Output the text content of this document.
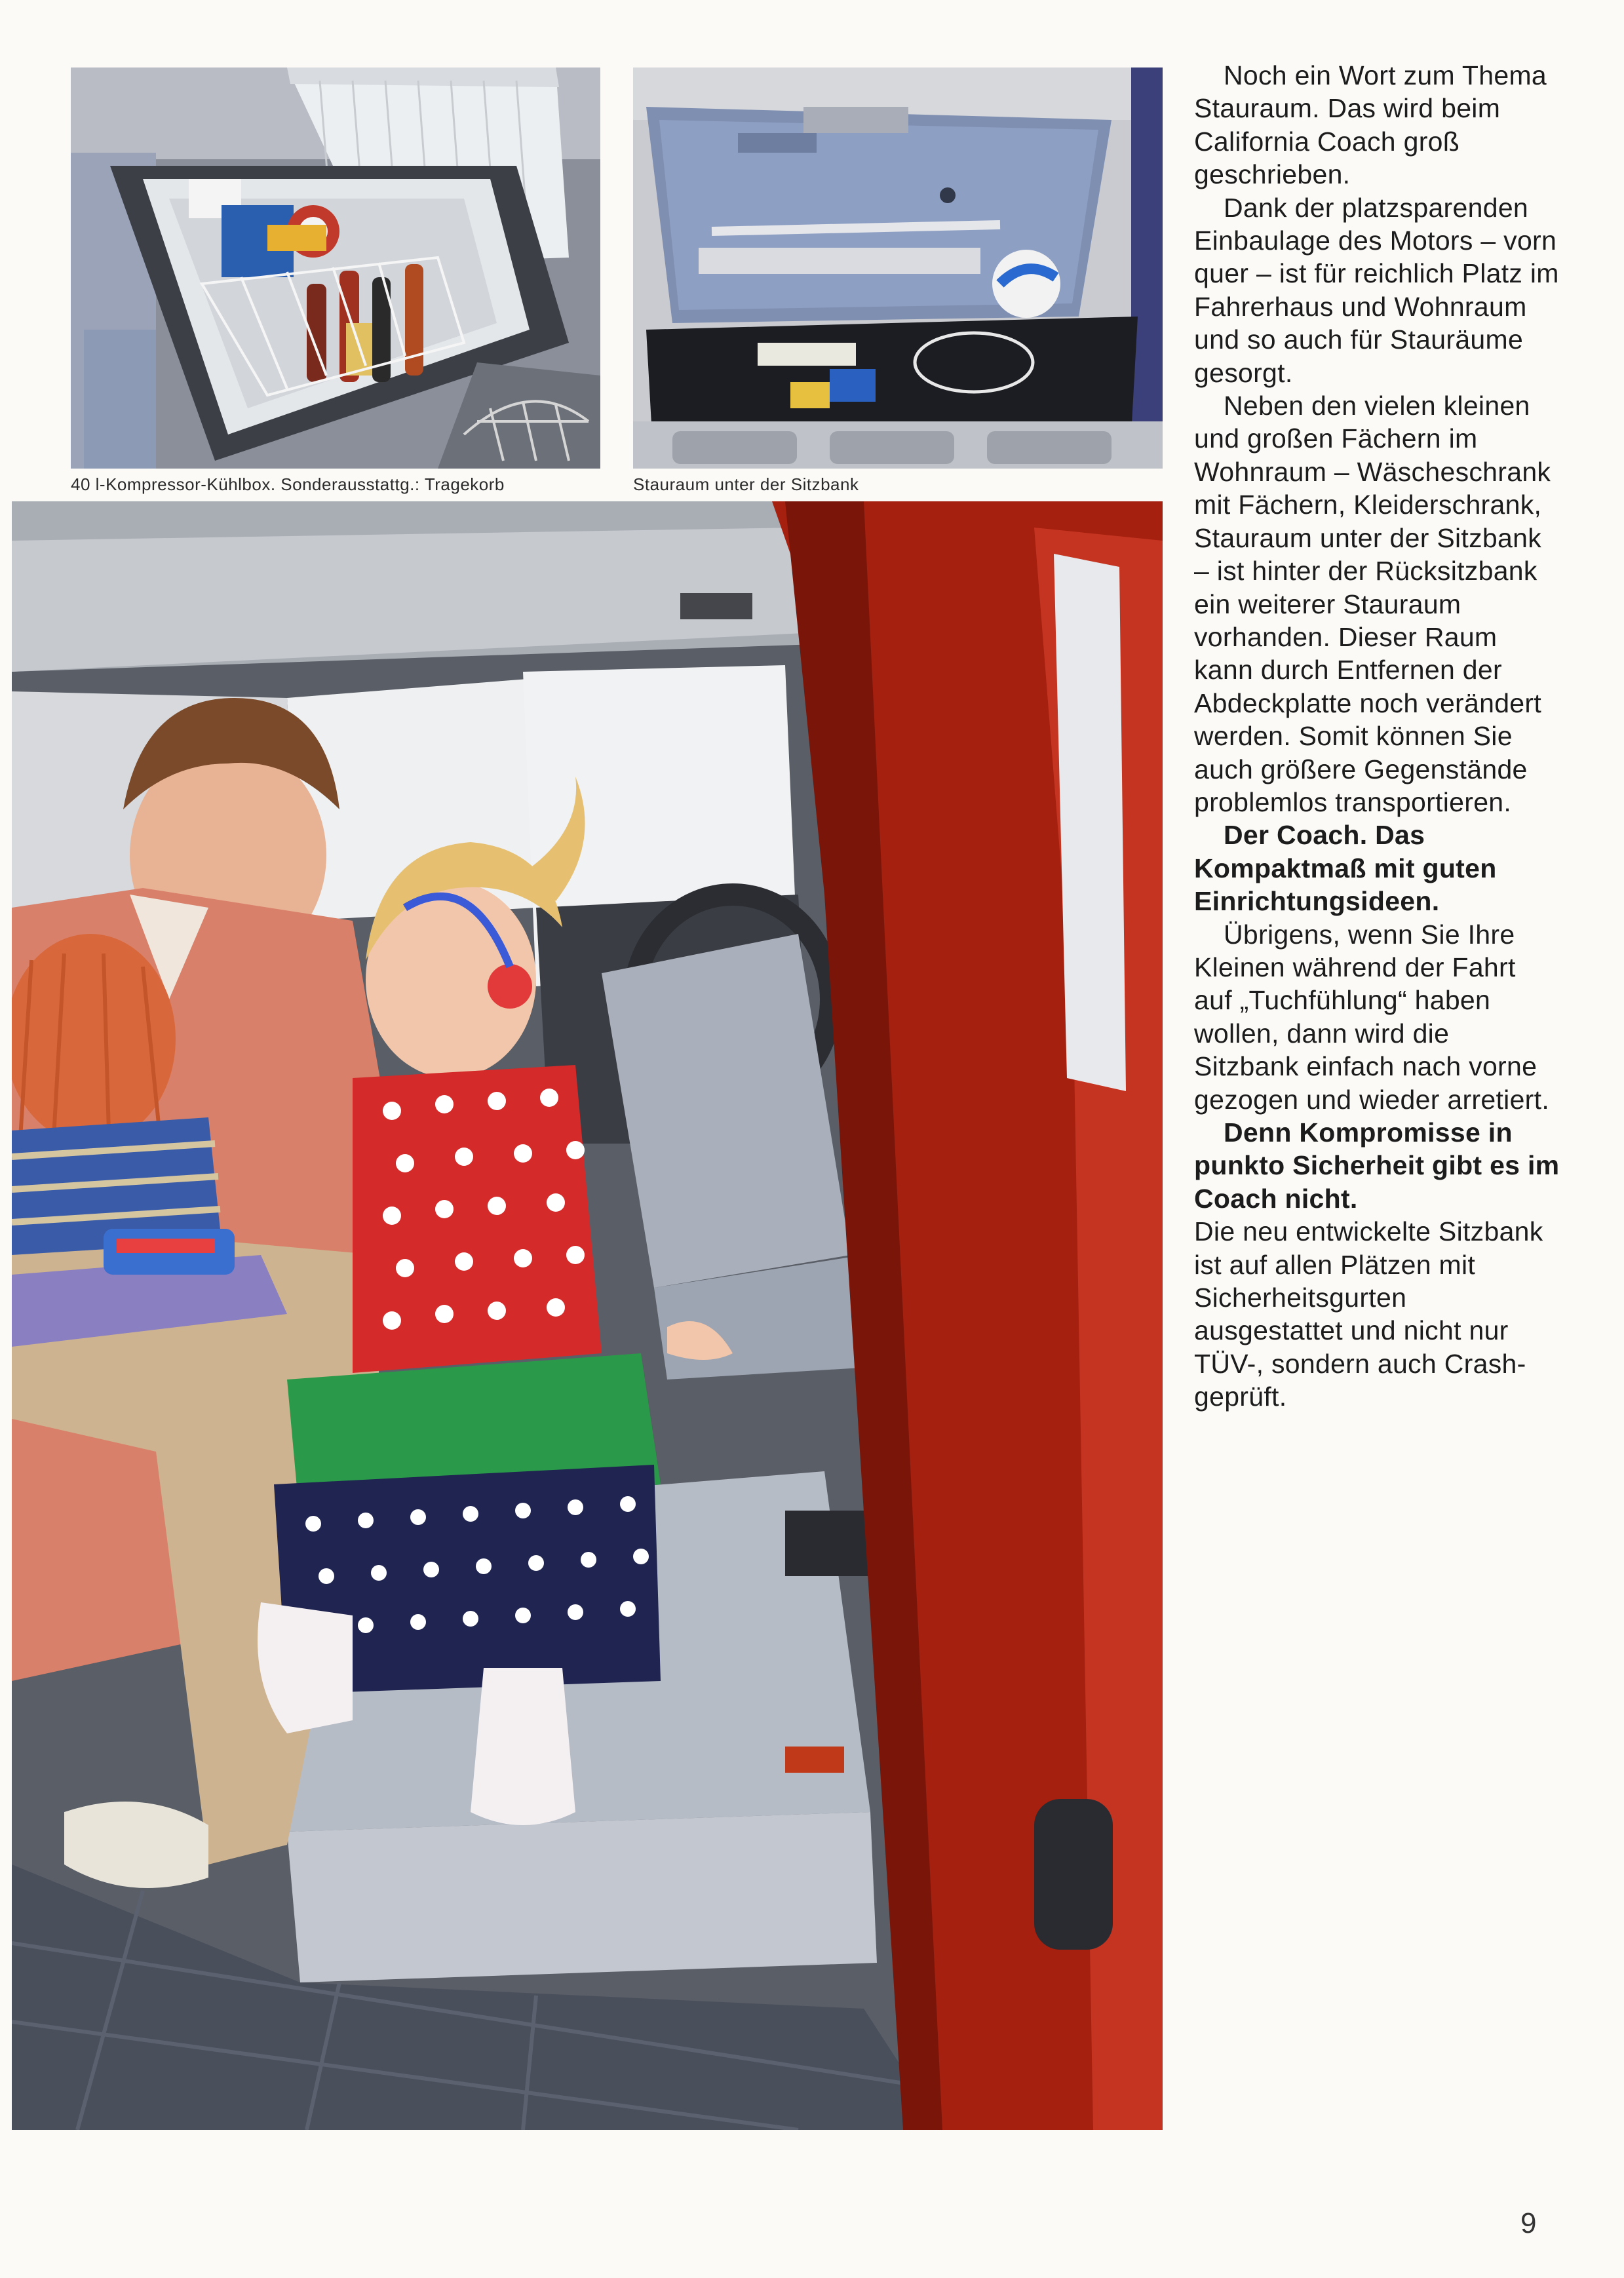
40 l-Kompressor-Kühlbox. Sonderausstattg.: Tragekorb	Stauraum unter der Sitzbank

Noch ein Wort zum Thema Stauraum. Das wird beim California Coach groß geschrieben.

Dank der platzsparenden Einbaulage des Motors – vorn quer – ist für reichlich Platz im Fahrerhaus und Wohnraum und so auch für Stauräume gesorgt.

Neben den vielen kleinen und großen Fächern im Wohnraum – Wäscheschrank mit Fächern, Kleiderschrank, Stauraum unter der Sitzbank – ist hinter der Rücksitzbank ein weiterer Stauraum vorhanden. Dieser Raum kann durch Entfernen der Abdeckplatte noch verändert werden. Somit können Sie auch größere Gegenstände problemlos transportieren.

Der Coach. Das Kompaktmaß mit guten Einrichtungsideen.

Übrigens, wenn Sie Ihre Kleinen während der Fahrt auf „Tuchfühlung“ haben wollen, dann wird die Sitzbank einfach nach vorne gezogen und wieder arretiert.

Denn Kompromisse in punkto Sicherheit gibt es im Coach nicht.

Die neu entwickelte Sitzbank ist auf allen Plätzen mit Sicherheitsgurten ausgestattet und nicht nur TÜV-, sondern auch Crash-geprüft.

9
